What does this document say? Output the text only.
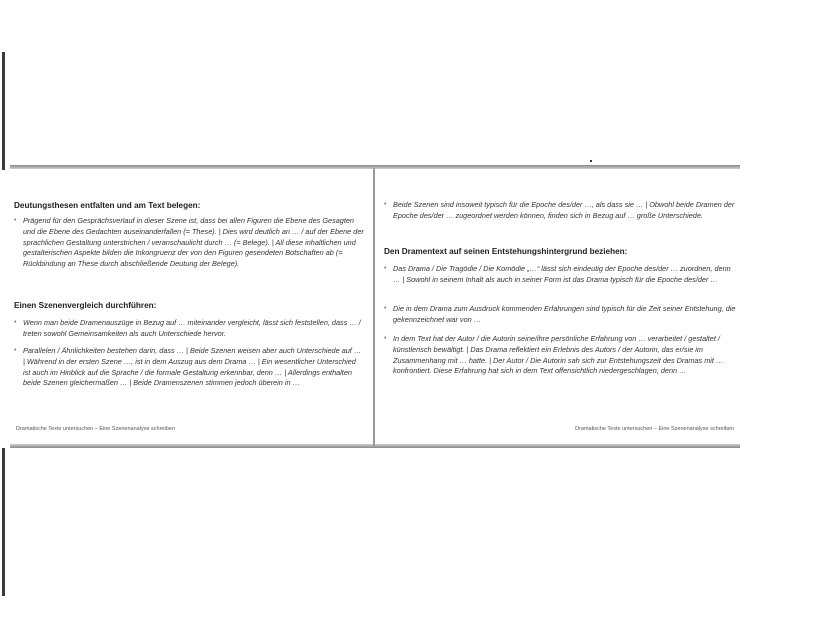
Deutungsthesen entfalten und am Text belegen:

• Prägend für den Gesprächsverlauf in dieser Szene ist, dass bei allen Figuren die Ebene des Gesagten und die Ebene des Gedachten auseinanderfallen (= These). | Dies wird deutlich an … / auf der Ebene der sprachlichen Gestaltung unterstrichen / veranschaulicht durch … (= Belege). | All diese inhaltlichen und gestalterischen Aspekte bilden die Inkongruenz der von den Figuren gesendeten Botschaften ab (= Rückbindung an These durch abschließende Deutung der Belege).

Einen Szenenvergleich durchführen:

• Wenn man beide Dramenauszüge in Bezug auf … miteinander vergleicht, lässt sich feststellen, dass … / treten sowohl Gemeinsamkeiten als auch Unterschiede hervor.

• Parallelen / Ähnlichkeiten bestehen darin, dass … | Beide Szenen weisen aber auch Unterschiede auf … | Während in der ersten Szene …, ist in dem Auszug aus dem Drama … | Ein wesentlicher Unterschied ist auch im Hinblick auf die Sprache / die formale Gestaltung erkennbar, denn … | Allerdings enthalten beide Szenen gleichermaßen … | Beide Dramenszenen stimmen jedoch überein in …

Dramatische Texte untersuchen – Eine Szenenanalyse schreiben

• Beide Szenen sind insoweit typisch für die Epoche des/der …, als dass sie … | Obwohl beide Dramen der Epoche des/der … zugeordnet werden können, finden sich in Bezug auf … große Unterschiede.

Den Dramentext auf seinen Entstehungshintergrund beziehen:

• Das Drama / Die Tragödie / Die Komödie „…“ lässt sich eindeutig der Epoche des/der … zuordnen, denn … | Sowohl in seinem Inhalt als auch in seiner Form ist das Drama typisch für die Epoche des/der …

• Die in dem Drama zum Ausdruck kommenden Erfahrungen sind typisch für die Zeit seiner Entstehung, die gekennzeichnet war von …

• In dem Text hat der Autor / die Autorin seine/ihre persönliche Erfahrung von … verarbeitet / gestaltet / künstlerisch bewältigt. | Das Drama reflektiert ein Erlebnis des Autors / der Autorin, das er/sie im Zusammenhang mit … hatte. | Der Autor / Die Autorin sah sich zur Entstehungszeit des Dramas mit … konfrontiert. Diese Erfahrung hat sich in dem Text offensichtlich niedergeschlagen, denn …

Dramatische Texte untersuchen – Eine Szenenanalyse schreiben
